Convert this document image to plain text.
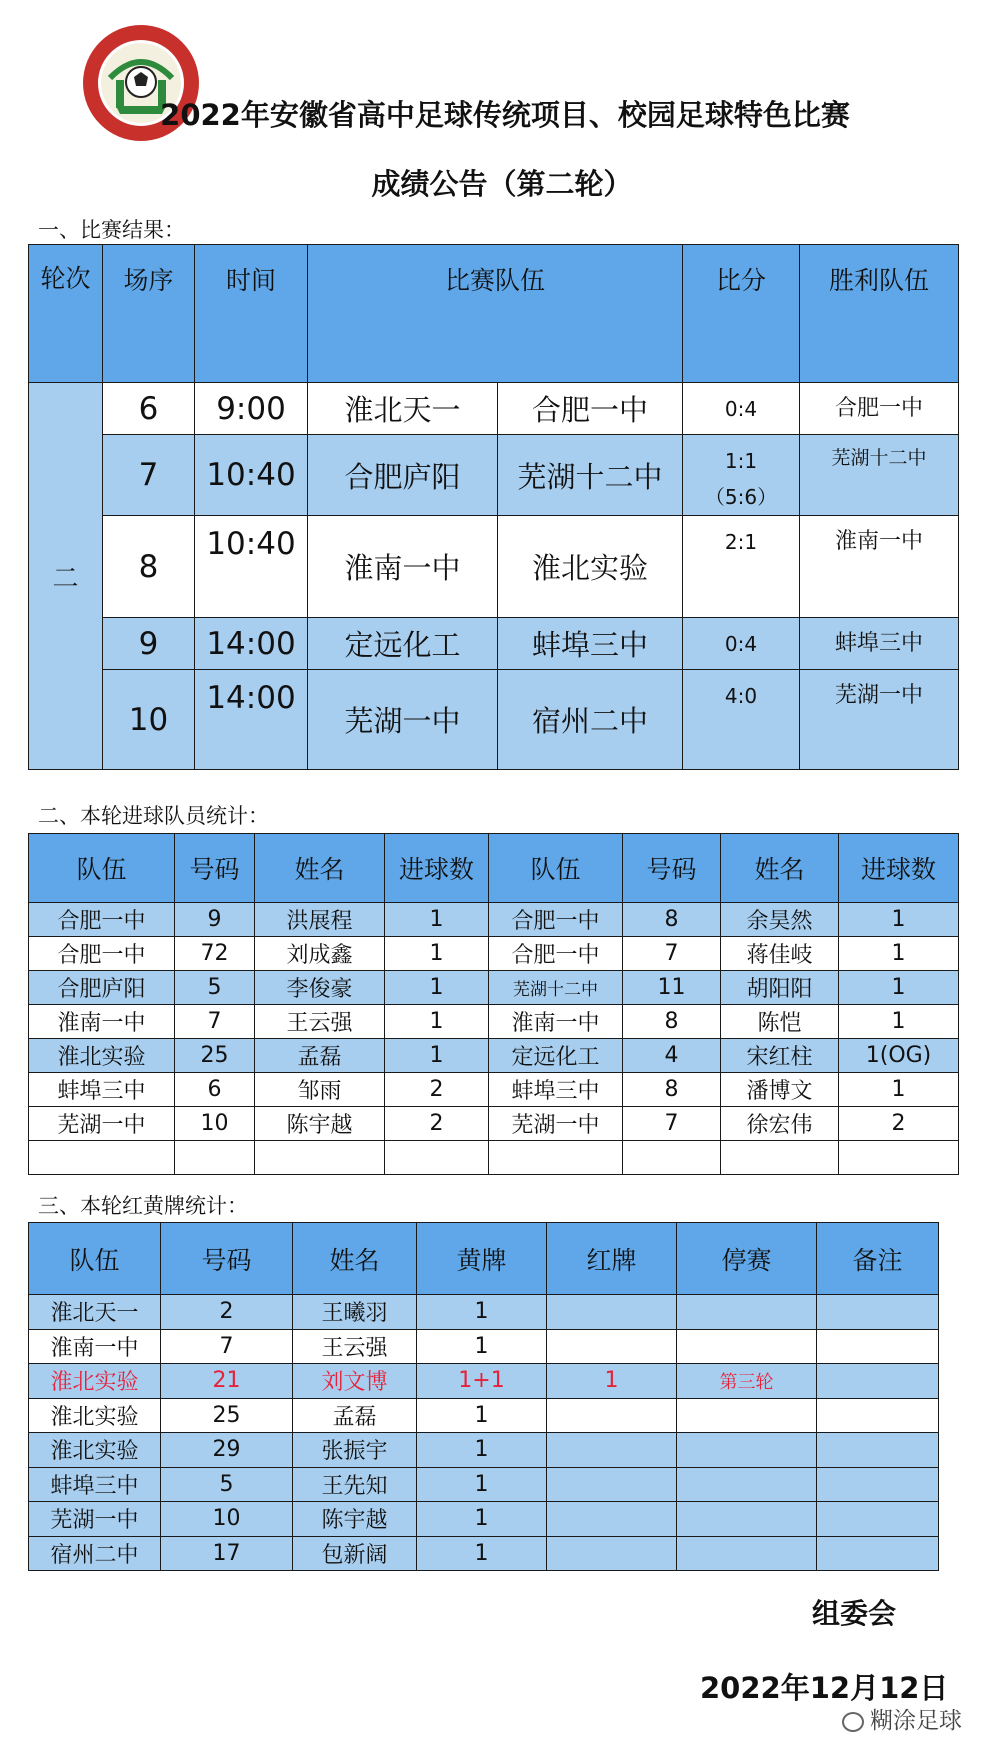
2022年安徽省高中足球传统项目、校园足球特色比赛
成绩公告（第二轮）
一、比赛结果：
轮次	场序	时间	比赛队伍		比分	胜利队伍
二	6	9:00	淮北天一	合肥一中	0:4	合肥一中
	7	10:40	合肥庐阳	芜湖十二中	1:1（5:6）	芜湖十二中
	8	10:40	淮南一中	淮北实验	2:1	淮南一中
	9	14:00	定远化工	蚌埠三中	0:4	蚌埠三中
	10	14:00	芜湖一中	宿州二中	4:0	芜湖一中
二、本轮进球队员统计：
队伍	号码	姓名	进球数	队伍	号码	姓名	进球数
合肥一中	9	洪展程	1	合肥一中	8	余昊然	1
合肥一中	72	刘成鑫	1	合肥一中	7	蒋佳岐	1
合肥庐阳	5	李俊豪	1	芜湖十二中	11	胡阳阳	1
淮南一中	7	王云强	1	淮南一中	8	陈恺	1
淮北实验	25	孟磊	1	定远化工	4	宋红柱	1(OG)
蚌埠三中	6	邹雨	2	蚌埠三中	8	潘博文	1
芜湖一中	10	陈宇越	2	芜湖一中	7	徐宏伟	2

三、本轮红黄牌统计：
队伍	号码	姓名	黄牌	红牌	停赛	备注
淮北天一	2	王曦羽	1			
淮南一中	7	王云强	1			
淮北实验	21	刘文博	1+1	1	第三轮	
淮北实验	25	孟磊	1			
淮北实验	29	张振宇	1			
蚌埠三中	5	王先知	1			
芜湖一中	10	陈宇越	1			
宿州二中	17	包新阔	1			
组委会
2022年12月12日
糊涂足球
